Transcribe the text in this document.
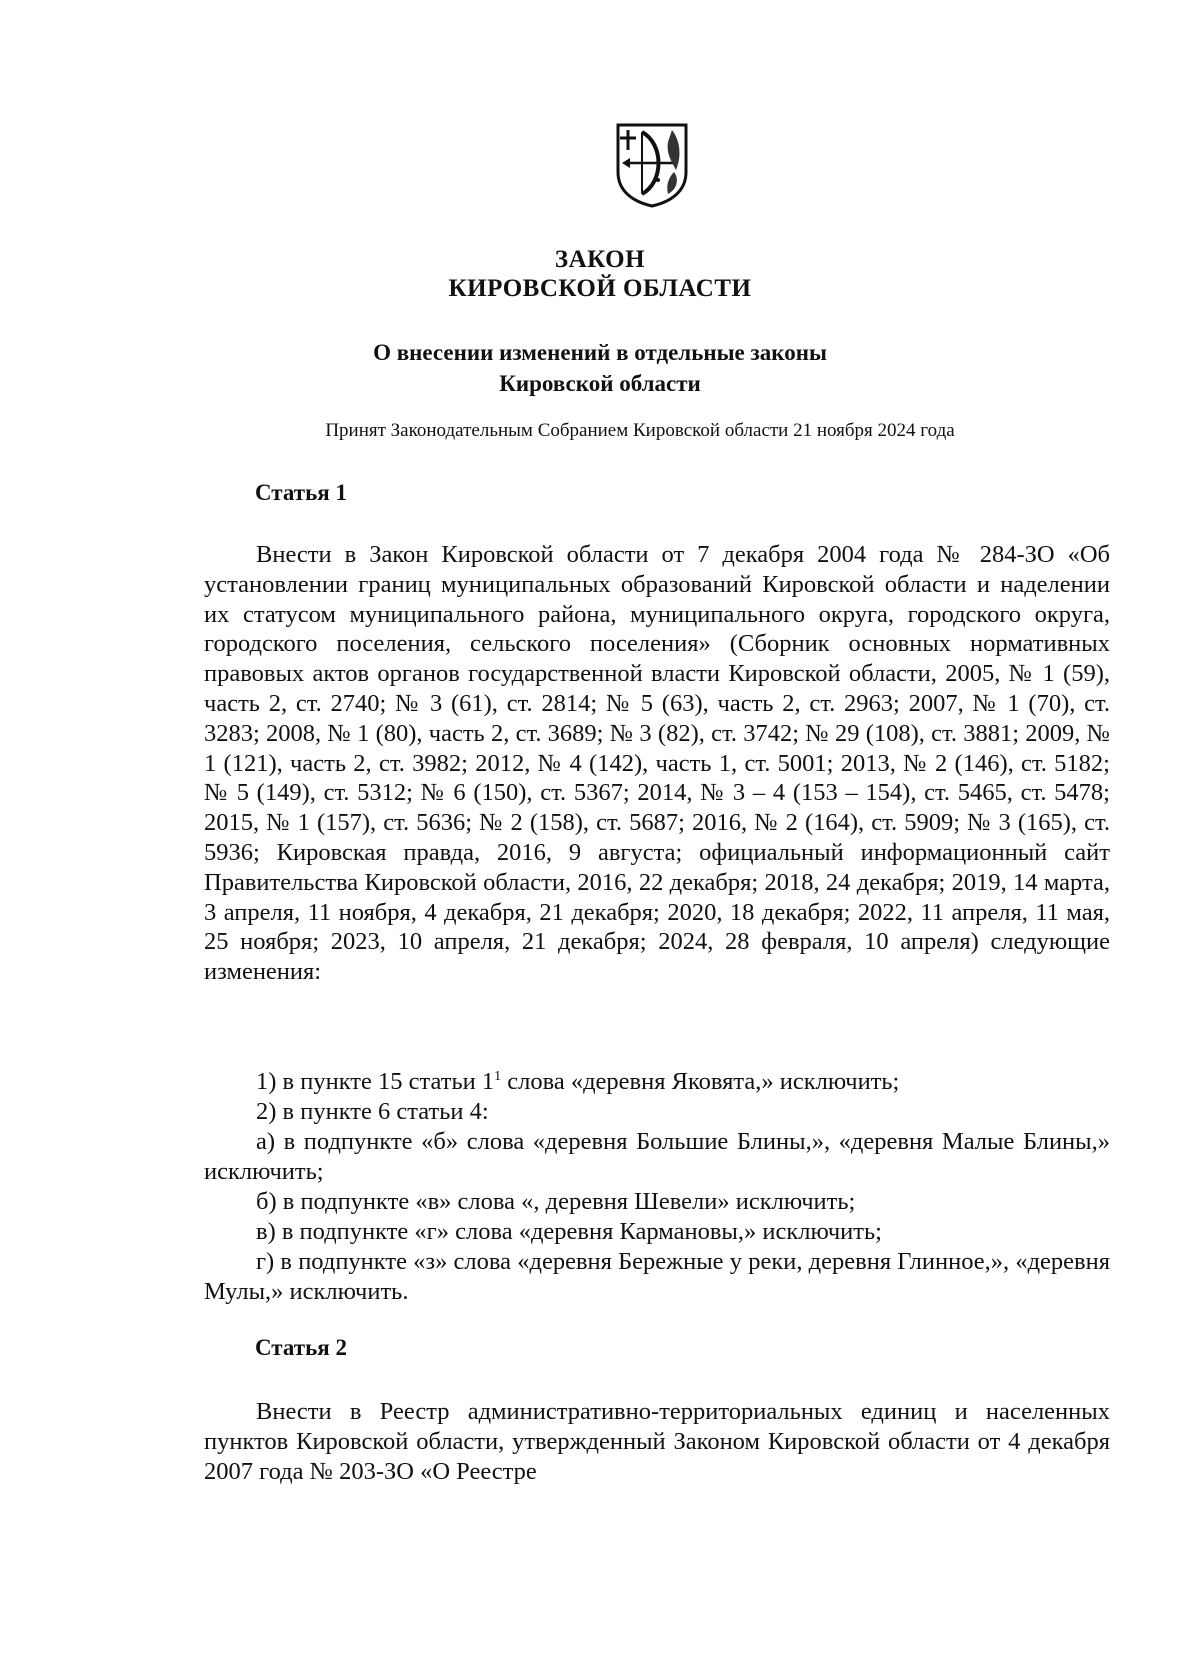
ЗАКОН
КИРОВСКОЙ ОБЛАСТИ
О внесении изменений в отдельные законы
Кировской области
Принят Законодательным Собранием Кировской области 21 ноября 2024 года
Статья 1

Внести в Закон Кировской области от 7 декабря 2004 года № 284-ЗО «Об установлении границ муниципальных образований Кировской области и наделении их статусом муниципального района, муниципального округа, городского округа, городского поселения, сельского поселения» (Сборник основных нормативных правовых актов органов государственной власти Кировской области, 2005, № 1 (59), часть 2, ст. 2740; № 3 (61), ст. 2814; № 5 (63), часть 2, ст. 2963; 2007, № 1 (70), ст. 3283; 2008, № 1 (80), часть 2, ст. 3689; № 3 (82), ст. 3742; № 29 (108), ст. 3881; 2009, № 1 (121), часть 2, ст. 3982; 2012, № 4 (142), часть 1, ст. 5001; 2013, № 2 (146), ст. 5182; № 5 (149), ст. 5312; № 6 (150), ст. 5367; 2014, № 3 – 4 (153 – 154), ст. 5465, ст. 5478; 2015, № 1 (157), ст. 5636; № 2 (158), ст. 5687; 2016, № 2 (164), ст. 5909; № 3 (165), ст. 5936; Кировская правда, 2016, 9 августа; официальный информационный сайт Правительства Кировской области, 2016, 22 декабря; 2018, 24 декабря; 2019, 14 марта, 3 апреля, 11 ноября, 4 декабря, 21 декабря; 2020, 18 декабря; 2022, 11 апреля, 11 мая, 25 ноября; 2023, 10 апреля, 21 декабря; 2024, 28 февраля, 10 апреля) следующие изменения:

1) в пункте 15 статьи $1^1$ слова «деревня Яковята,» исключить;

2) в пункте 6 статьи 4:

а) в подпункте «б» слова «деревня Большие Блины,», «деревня Малые Блины,» исключить;

б) в подпункте «в» слова «, деревня Шевели» исключить;

в) в подпункте «г» слова «деревня Кармановы,» исключить;

г) в подпункте «з» слова «деревня Бережные у реки, деревня Глинное,», «деревня Мулы,» исключить.

Статья 2

Внести в Реестр административно-территориальных единиц и населенных пунктов Кировской области, утвержденный Законом Кировской области от 4 декабря 2007 года № 203-ЗО «О Реестре
